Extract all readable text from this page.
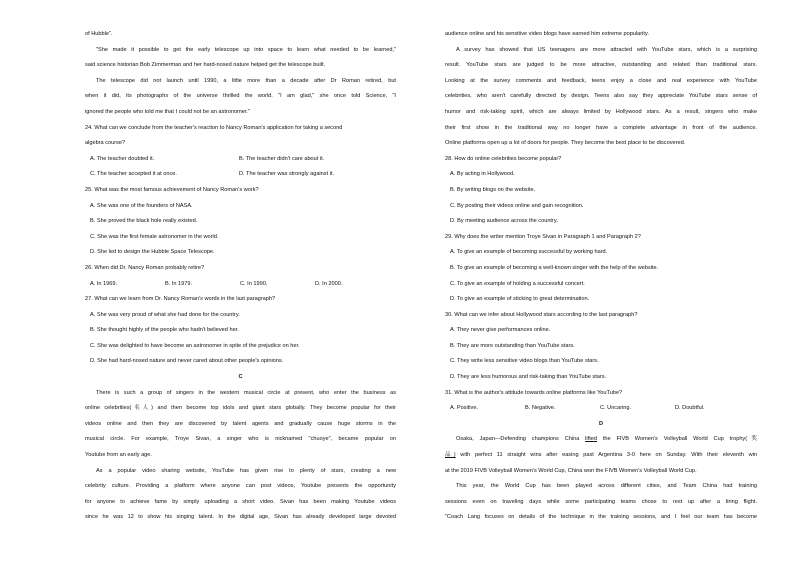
of Hubble".
"She made it possible to get the early telescope up into space to learn what needed to be learned,"
said science historian Bob Zimmerman and her hard-nosed nature helped get the telescope built.
The telescope did not launch until 1990, a little more than a decade after Dr Roman retired, but
when it did, its photographs of the universe thrilled the world. "I am glad," she once told Science, "I
ignored the people who told me that I could not be an astronomer."
24. What can we conclude from the teacher's reaction to Nancy Roman's application for taking a second
algebra course?
A. The teacher doubted it.	B. The teacher didn't care about it.
C. The teacher accepted it at once.	D. The teacher was strongly against it.
25. What was the most famous achievement of Nancy Roman's work?
A. She was one of the founders of NASA.
B. She proved the black hole really existed.
C. She was the first female astronomer in the world.
D. She led to design the Hubble Space Telescope.
26. When did Dr. Nancy Roman probably retire?
A. In 1969.	B. In 1979.	C. In 1990.	D. In 2000.
27. What can we learn from Dr. Nancy Roman's words in the last paragraph?
A. She was very proud of what she had done for the country.
B. She thought highly of the people who hadn't believed her.
C. She was delighted to have become an astronomer in spite of the prejudice on her.
D. She had hard-nosed nature and never cared about other people's opinions.
C
There is such a group of singers in the western musical circle at present, who enter the business as
online celebrities(名人) and then become top idols and giant stars globally. They become popular for their
videos online and then they are discovered by talent agents and gradually cause huge storms in the
musical circle. For example, Troye Sivan, a singer who is nicknamed "chuoye", became popular on
Youtube from an early age.
As a popular video sharing website, YouTube has given rise to plenty of stars, creating a new
celebrity culture. Providing a platform where anyone can post videos, Youtube presents the opportunity
for anyone to achieve fame by simply uploading a short video. Sivan has been making Youtube videos
since he was 12 to show his singing talent. In the digital age, Sivan has already developed large devoted
audience online and his sensitive video blogs have earned him extreme popularity.
A survey has showed that US teenagers are more attracted with YouTube stars, which is a surprising
result. YouTube stars are judged to be more attractive, outstanding and related than traditional stars.
Looking at the survey comments and feedback, teens enjoy a close and real experience with YouTube
celebrities, who aren't carefully directed by design. Teens also say they appreciate YouTube stars sense of
humor and risk-taking spirit, which are always limited by Hollywood stars. As a result, singers who make
their first show in the traditional way no longer have a complete advantage in front of the audience.
Online platforms open up a lot of doors for people. They become the best place to be discovered.
28. How do online celebrities become popular?
A. By acting in Hollywood.
B. By writing blogs on the website.
C. By posting their videos online and gain recognition.
D. By meeting audience across the country.
29. Why does the writer mention Troye Sivan in Paragraph 1 and Paragraph 2?
A. To give an example of becoming successful by working hard.
B. To give an example of becoming a well-known singer with the help of the website.
C. To give an example of holding a successful concert.
D. To give an example of sticking to great determination.
30. What can we infer about Hollywood stars according to the last paragraph?
A. They never give performances online.
B. They are more outstanding than YouTube stars.
C. They write less sensitive video blogs than YouTube stars.
D. They are less humorous and risk-taking than YouTube stars.
31. What is the author's attitude towards online platforms like YouTube?
A. Positive.	B. Negative.	C. Uncaring.	D. Doubtful.
D
Osaka, Japan—Defending champions China lifted the FIVB Women's Volleyball World Cup trophy(奖
品) with perfect 11 straight wins after easing past Argentina 3-0 here on Sunday. With their eleventh win
at the 2019 FIVB Volleyball Women's World Cup, China won the FIVB Women's Volleyball World Cup.
This year, the World Cup has been played across different cities, and Team China had training
sessions even on traveling days while some participating teams chose to rest up after a tiring flight.
"Coach Lang focuses on details of the technique in the training sessions, and I feel our team has become
